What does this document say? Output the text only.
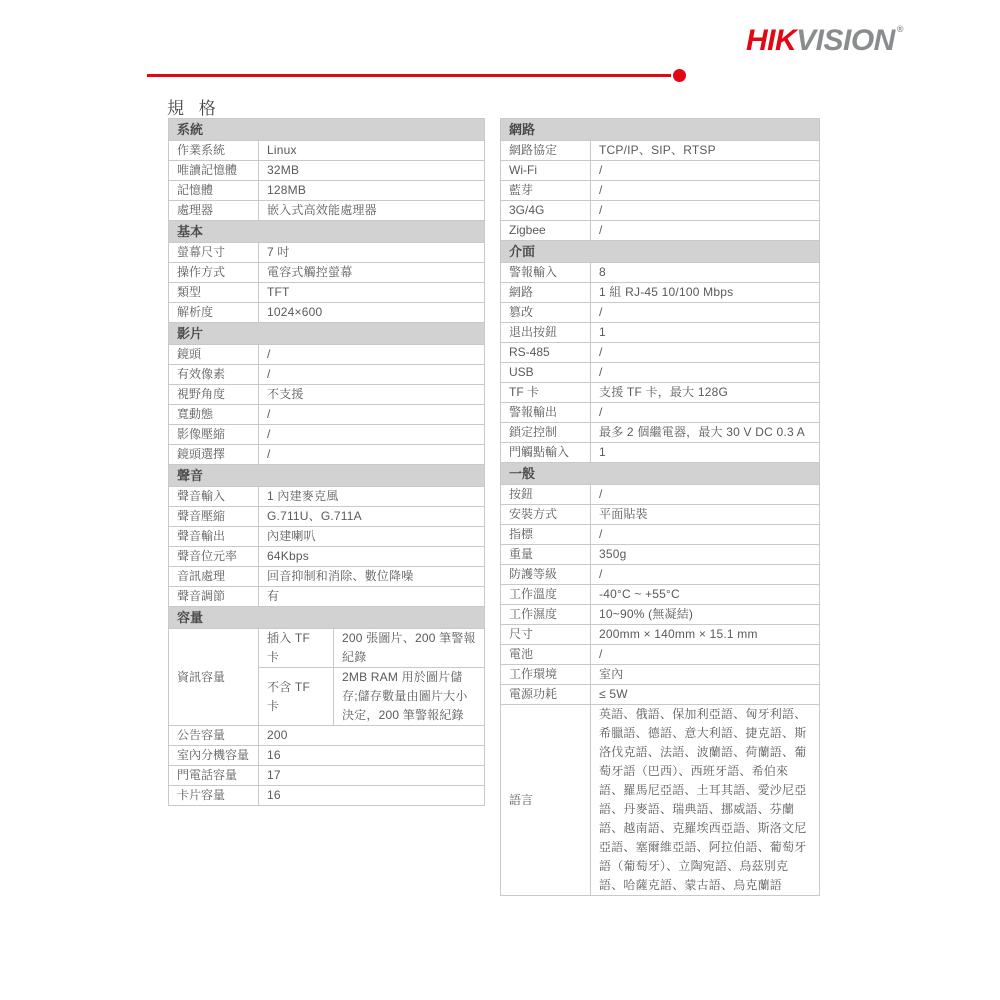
HIKVISION ®
規 格
系統		
作業系統	Linux	
唯讀記憶體	32MB	
記憶體	128MB	
處理器	嵌入式高效能處理器	
基本		
螢幕尺寸	7 吋	
操作方式	電容式觸控螢幕	
類型	TFT	
解析度	1024×600	
影片		
鏡頭	/	
有效像素	/	
視野角度	不支援	
寬動態	/	
影像壓縮	/	
鏡頭選擇	/	
聲音		
聲音輸入	1 內建麥克風	
聲音壓縮	G.711U、G.711A	
聲音輸出	內建喇叭	
聲音位元率	64Kbps	
音訊處理	回音抑制和消除、數位降噪	
聲音調節	有	
容量		
資訊容量	插入 TF 卡	200 張圖片、200 筆警報紀錄
	不含 TF 卡	2MB RAM 用於圖片儲存;儲存數量由圖片大小決定，200 筆警報紀錄
公告容量	200	
室內分機容量	16	
門電話容量	17	
卡片容量	16	
網路	
網路協定	TCP/IP、SIP、RTSP
Wi-Fi	/
藍芽	/
3G/4G	/
Zigbee	/
介面	
警報輸入	8
網路	1 組 RJ-45 10/100 Mbps
篡改	/
退出按鈕	1
RS-485	/
USB	/
TF 卡	支援 TF 卡，最大 128G
警報輸出	/
鎖定控制	最多 2 個繼電器，最大 30 V DC 0.3 A
門觸點輸入	1
一般	
按鈕	/
安裝方式	平面貼裝
指標	/
重量	350g
防護等級	/
工作溫度	-40°C ~ +55°C
工作濕度	10~90% (無凝結)
尺寸	200mm × 140mm × 15.1 mm
電池	/
工作環境	室內
電源功耗	≤ 5W
語言	英語、俄語、保加利亞語、匈牙利語、希臘語、德語、意大利語、捷克語、斯洛伐克語、法語、波蘭語、荷蘭語、葡萄牙語（巴西）、西班牙語、希伯來語、羅馬尼亞語、土耳其語、愛沙尼亞語、丹麥語、瑞典語、挪威語、芬蘭語、越南語、克羅埃西亞語、斯洛文尼亞語、塞爾維亞語、阿拉伯語、葡萄牙語（葡萄牙）、立陶宛語、烏茲別克語、哈薩克語、蒙古語、烏克蘭語
